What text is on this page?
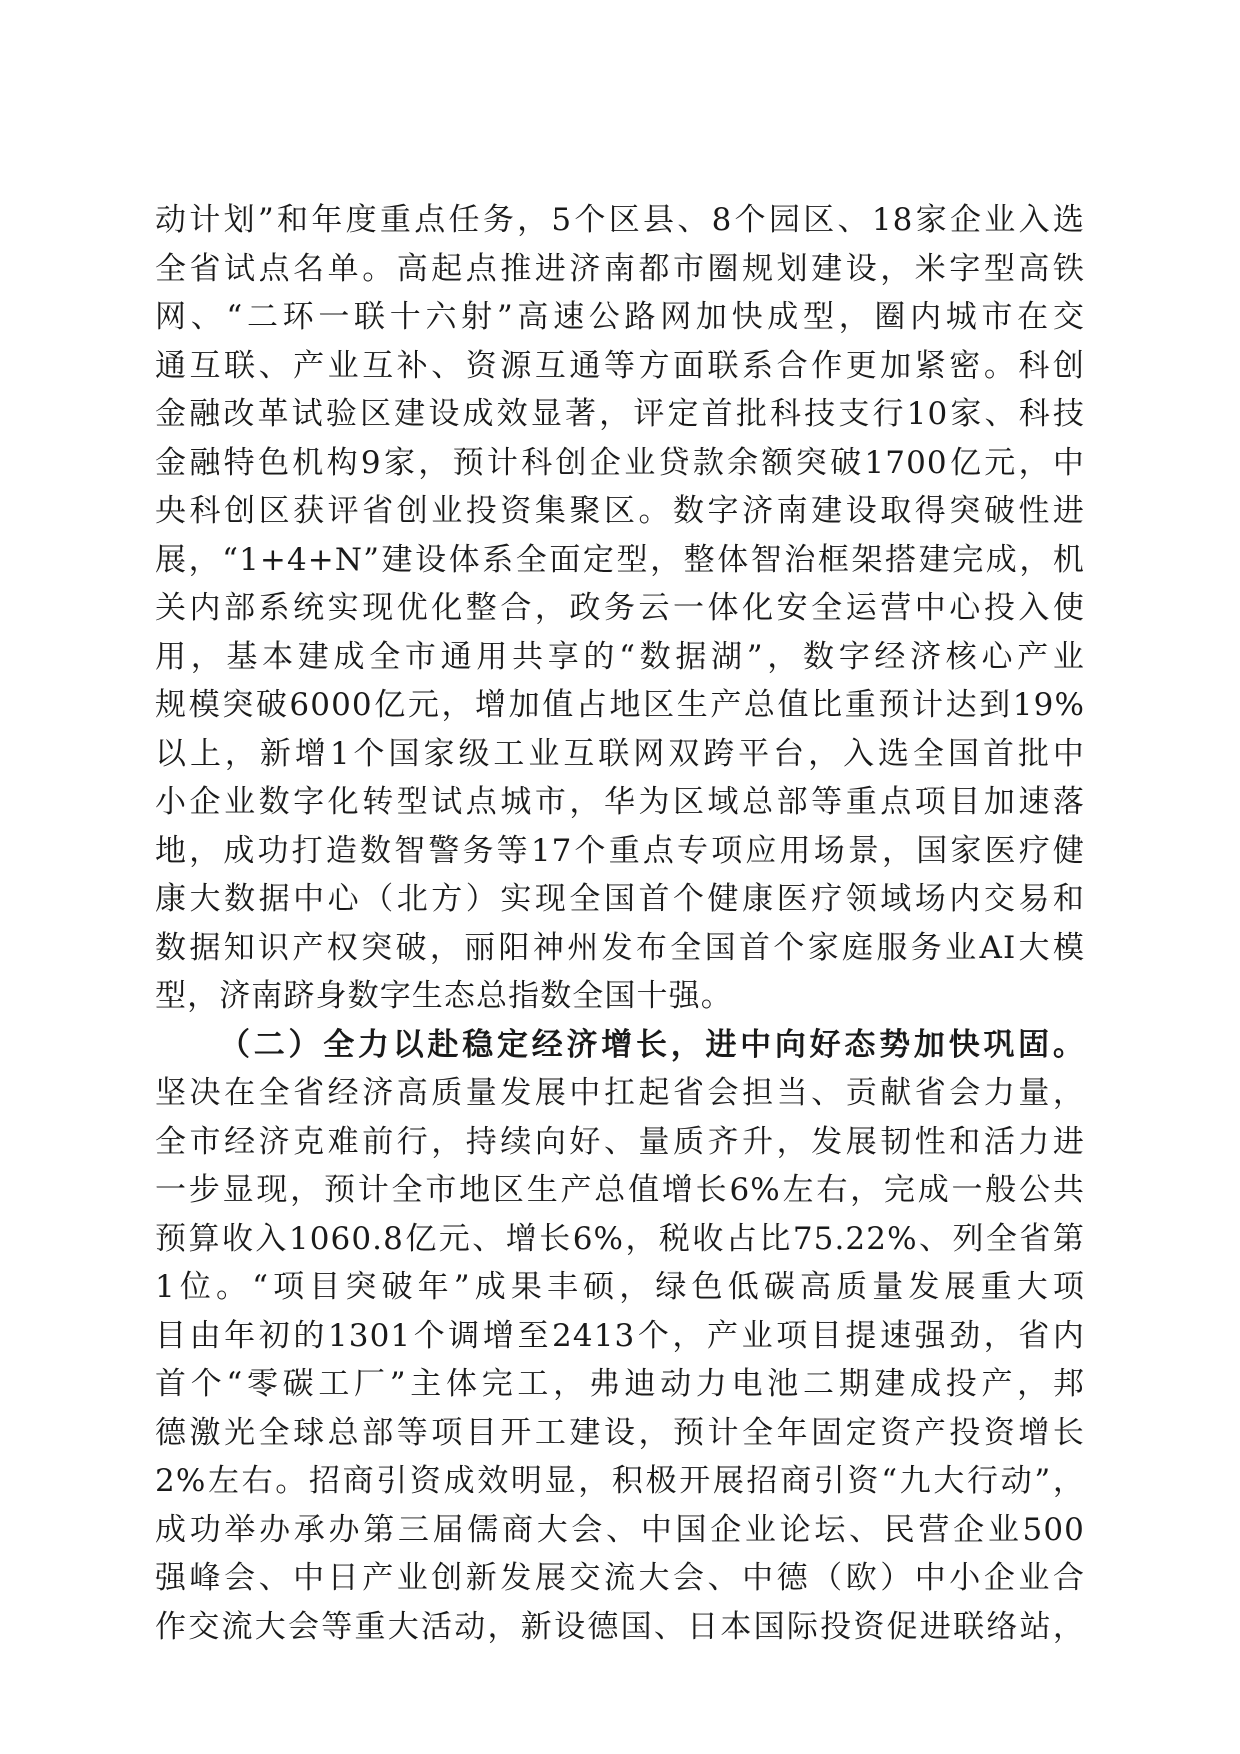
动计划”和年度重点任务，5个区县、8个园区、18家企业入选
全省试点名单。高起点推进济南都市圈规划建设，米字型高铁
网、“二环一联十六射”高速公路网加快成型，圈内城市在交
通互联、产业互补、资源互通等方面联系合作更加紧密。科创
金融改革试验区建设成效显著，评定首批科技支行10家、科技
金融特色机构9家，预计科创企业贷款余额突破1700亿元，中
央科创区获评省创业投资集聚区。数字济南建设取得突破性进
展，“1+4+N”建设体系全面定型，整体智治框架搭建完成，机
关内部系统实现优化整合，政务云一体化安全运营中心投入使
用，基本建成全市通用共享的“数据湖”，数字经济核心产业
规模突破6000亿元，增加值占地区生产总值比重预计达到19%
以上，新增1个国家级工业互联网双跨平台，入选全国首批中
小企业数字化转型试点城市，华为区域总部等重点项目加速落
地，成功打造数智警务等17个重点专项应用场景，国家医疗健
康大数据中心（北方）实现全国首个健康医疗领域场内交易和
数据知识产权突破，丽阳神州发布全国首个家庭服务业AI大模
型，济南跻身数字生态总指数全国十强。
（二）全力以赴稳定经济增长，进中向好态势加快巩固。
坚决在全省经济高质量发展中扛起省会担当、贡献省会力量，
全市经济克难前行，持续向好、量质齐升，发展韧性和活力进
一步显现，预计全市地区生产总值增长6%左右，完成一般公共
预算收入1060.8亿元、增长6%，税收占比75.22%、列全省第
1位。“项目突破年”成果丰硕，绿色低碳高质量发展重大项
目由年初的1301个调增至2413个，产业项目提速强劲，省内
首个“零碳工厂”主体完工，弗迪动力电池二期建成投产，邦
德激光全球总部等项目开工建设，预计全年固定资产投资增长
2%左右。招商引资成效明显，积极开展招商引资“九大行动”，
成功举办承办第三届儒商大会、中国企业论坛、民营企业500
强峰会、中日产业创新发展交流大会、中德（欧）中小企业合
作交流大会等重大活动，新设德国、日本国际投资促进联络站，
